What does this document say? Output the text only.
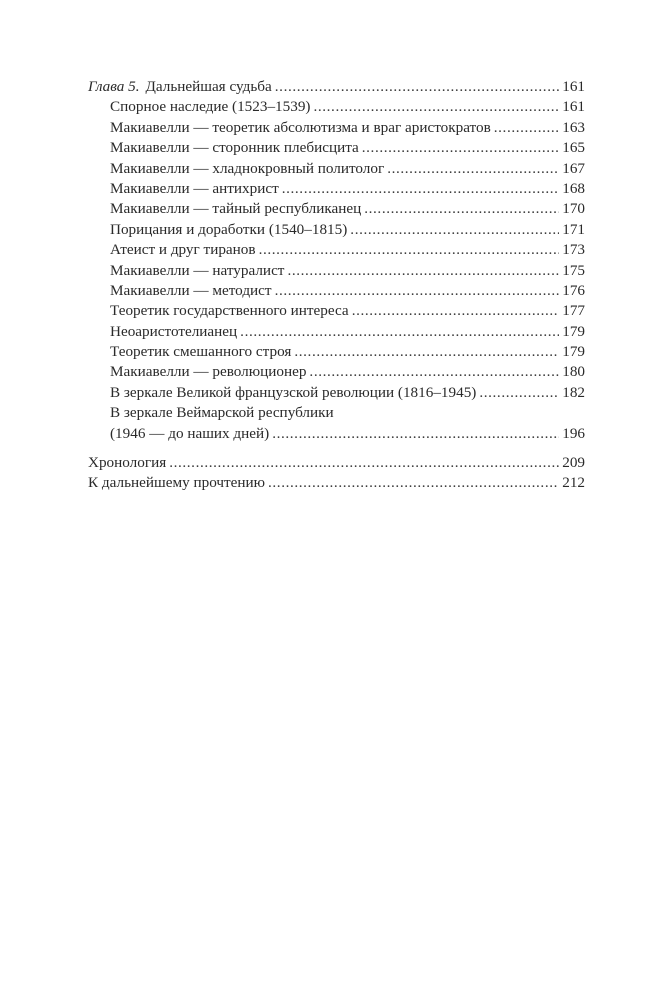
Глава 5. Дальнейшая судьба . . .	161
Спорное наследие (1523–1539) . . .	161
Макиавелли — теоретик абсолютизма и враг аристократов . . .	163
Макиавелли — сторонник плебисцита . . .	165
Макиавелли — хладнокровный политолог . . .	167
Макиавелли — антихрист . . .	168
Макиавелли — тайный республиканец . . .	170
Порицания и доработки (1540–1815) . . .	171
Атеист и друг тиранов . . .	173
Макиавелли — натуралист . . .	175
Макиавелли — методист . . .	176
Теоретик государственного интереса . . .	177
Неоаристотелианец . . .	179
Теоретик смешанного строя . . .	179
Макиавелли — революционер . . .	180
В зеркале Великой французской революции (1816–1945) . . .	182
В зеркале Веймарской республики
(1946 — до наших дней) . . .	196
Хронология . . .	209
К дальнейшему прочтению . . .	212
